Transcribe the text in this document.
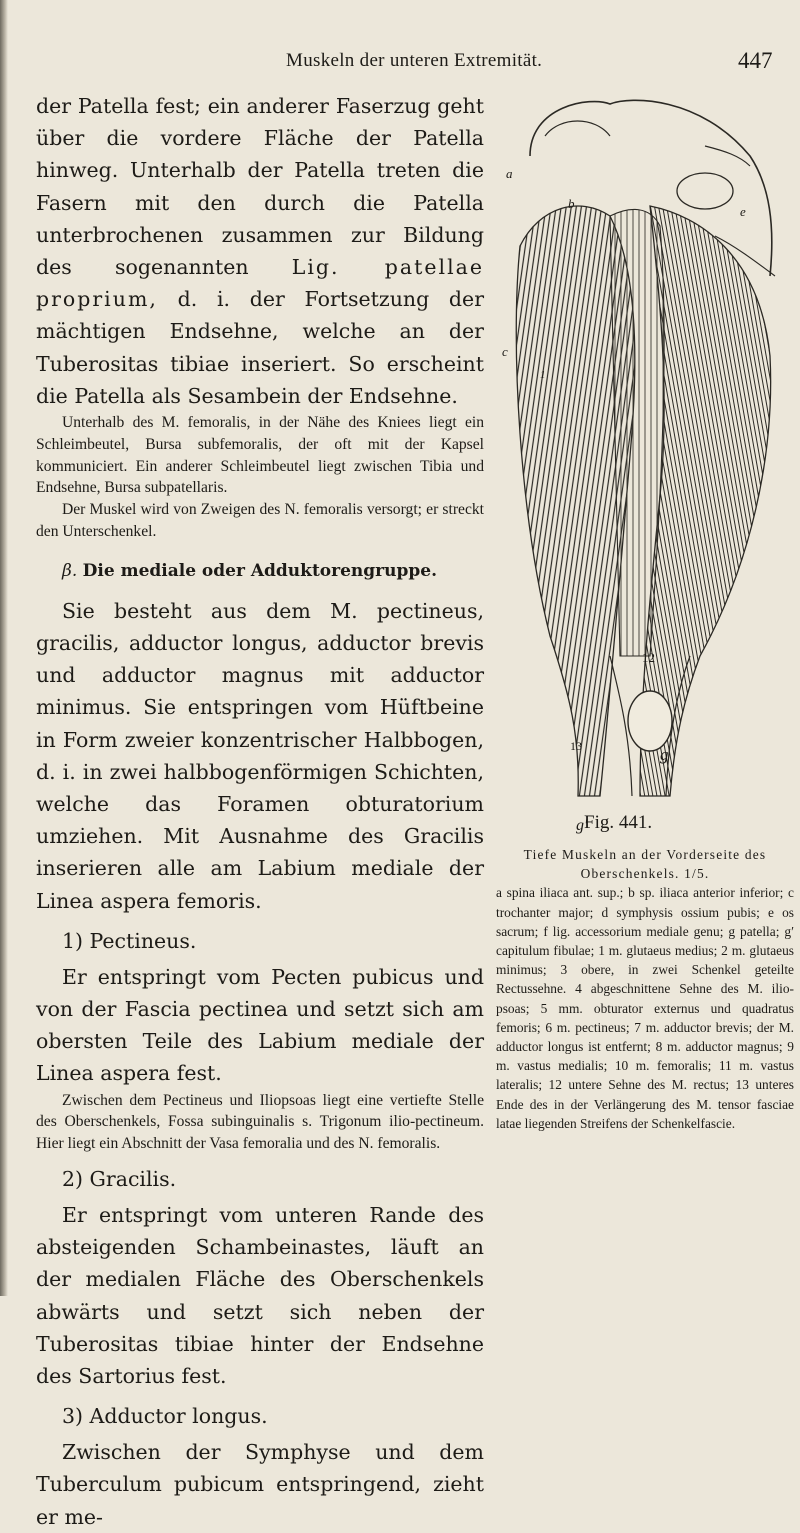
Muskeln der unteren Extremität.	447

der Patella fest; ein anderer Faserzug geht über die vordere Fläche der Patella hinweg. Unterhalb der Patella treten die Fasern mit den durch die Patella unterbrochenen zusammen zur Bildung des sogenannten Lig. patellae proprium, d. i. der Fortsetzung der mächtigen Endsehne, welche an der Tuberositas tibiae inseriert. So erscheint die Patella als Sesambein der Endsehne.

Unterhalb des M. femoralis, in der Nähe des Kniees liegt ein Schleimbeutel, Bursa subfemoralis, der oft mit der Kapsel kommuniciert. Ein anderer Schleimbeutel liegt zwischen Tibia und Endsehne, Bursa subpatellaris.

Der Muskel wird von Zweigen des N. femoralis versorgt; er streckt den Unterschenkel.

β. Die mediale oder Adduktorengruppe.

Sie besteht aus dem M. pectineus, gracilis, adductor longus, adductor brevis und adductor magnus mit adductor minimus. Sie entspringen vom Hüftbeine in Form zweier konzentrischer Halbbogen, d. i. in zwei halbbogenförmigen Schichten, welche das Foramen obturatorium umziehen. Mit Ausnahme des Gracilis inserieren alle am Labium mediale der Linea aspera femoris.

1) Pectineus.

Er entspringt vom Pecten pubicus und von der Fascia pectinea und setzt sich am obersten Teile des Labium mediale der Linea aspera fest.

Zwischen dem Pectineus und Iliopsoas liegt eine vertiefte Stelle des Oberschenkels, Fossa subinguinalis s. Trigonum ilio-pectineum. Hier liegt ein Abschnitt der Vasa femoralia und des N. femoralis.

2) Gracilis.

Er entspringt vom unteren Rande des absteigenden Schambeinastes, läuft an der medialen Fläche des Oberschenkels abwärts und setzt sich neben der Tuberositas tibiae hinter der Endsehne des Sartorius fest.

3) Adductor longus.

Zwischen der Symphyse und dem Tuberculum pubicum entspringend, zieht er me-

a
b
c
e
1
12
13	g
g′
Fig. 441.
Tiefe Muskeln an der Vorderseite des Oberschenkels. 1/5.
a spina iliaca ant. sup.; b sp. iliaca anterior inferior; c trochanter major; d symphysis ossium pubis; e os sacrum; f lig. accessorium mediale genu; g patella; g′ capitulum fibulae; 1 m. glutaeus medius; 2 m. glutaeus minimus; 3 obere, in zwei Schenkel geteilte Rectussehne. 4 abgeschnittene Sehne des M. ilio-psoas; 5 mm. obturator externus und quadratus femoris; 6 m. pectineus; 7 m. adductor brevis; der M. adductor longus ist entfernt; 8 m. adductor magnus; 9 m. vastus medialis; 10 m. femoralis; 11 m. vastus lateralis; 12 untere Sehne des M. rectus; 13 unteres Ende des in der Verlängerung des M. tensor fasciae latae liegenden Streifens der Schenkelfascie.
